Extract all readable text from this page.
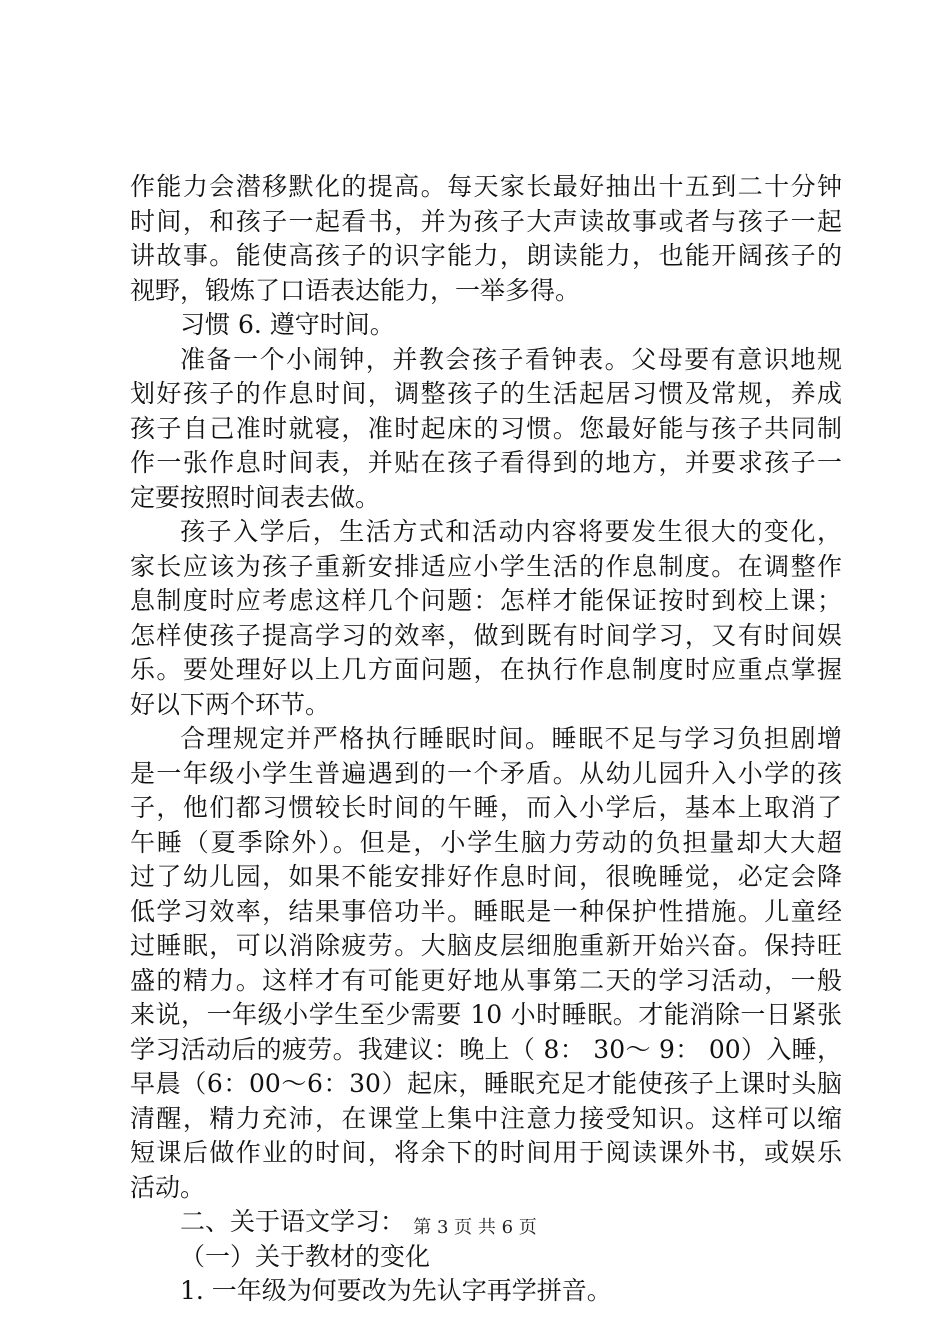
作能力会潜移默化的提高。每天家长最好抽出十五到二十分钟
时间，和孩子一起看书，并为孩子大声读故事或者与孩子一起
讲故事。能使高孩子的识字能力，朗读能力，也能开阔孩子的
视野，锻炼了口语表达能力，一举多得。
习惯 6. 遵守时间。
准备一个小闹钟，并教会孩子看钟表。父母要有意识地规
划好孩子的作息时间，调整孩子的生活起居习惯及常规，养成
孩子自己准时就寝，准时起床的习惯。您最好能与孩子共同制
作一张作息时间表，并贴在孩子看得到的地方，并要求孩子一
定要按照时间表去做。
孩子入学后，生活方式和活动内容将要发生很大的变化，
家长应该为孩子重新安排适应小学生活的作息制度。在调整作
息制度时应考虑这样几个问题：怎样才能保证按时到校上课；
怎样使孩子提高学习的效率，做到既有时间学习，又有时间娱
乐。要处理好以上几方面问题，在执行作息制度时应重点掌握
好以下两个环节。
合理规定并严格执行睡眠时间。睡眠不足与学习负担剧增
是一年级小学生普遍遇到的一个矛盾。从幼儿园升入小学的孩
子，他们都习惯较长时间的午睡，而入小学后，基本上取消了
午睡（夏季除外）。但是，小学生脑力劳动的负担量却大大超
过了幼儿园，如果不能安排好作息时间，很晚睡觉，必定会降
低学习效率，结果事倍功半。睡眠是一种保护性措施。儿童经
过睡眠，可以消除疲劳。大脑皮层细胞重新开始兴奋。保持旺
盛的精力。这样才有可能更好地从事第二天的学习活动，一般
来说，一年级小学生至少需要 10 小时睡眠。才能消除一日紧张
学习活动后的疲劳。我建议：晚上（ 8： 30～ 9： 00）入睡，
早晨（6：00～6：30）起床，睡眠充足才能使孩子上课时头脑
清醒，精力充沛，在课堂上集中注意力接受知识。这样可以缩
短课后做作业的时间，将余下的时间用于阅读课外书，或娱乐
活动。
二、关于语文学习：
（一）关于教材的变化
1. 一年级为何要改为先认字再学拼音。
第 3 页 共 6 页
